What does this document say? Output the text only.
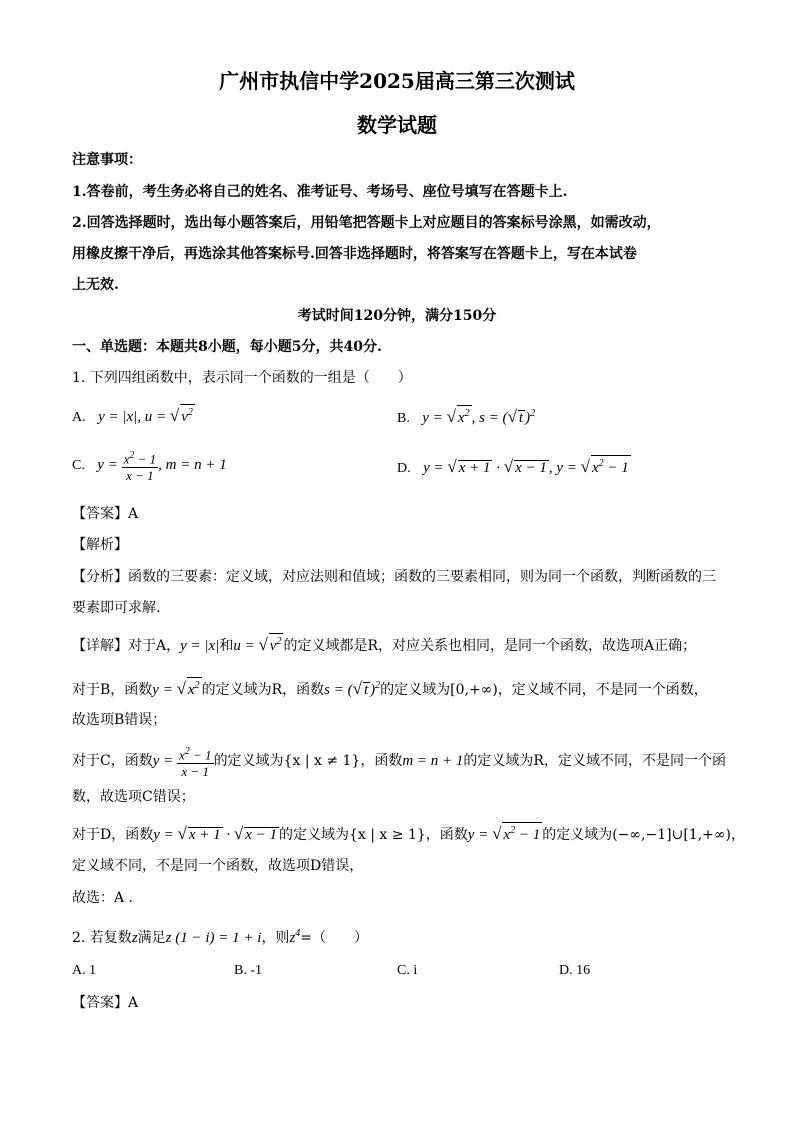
广州市执信中学2025届高三第三次测试
数学试题
注意事项：
1.答卷前，考生务必将自己的姓名、准考证号、考场号、座位号填写在答题卡上.
2.回答选择题时，选出每小题答案后，用铅笔把答题卡上对应题目的答案标号涂黑，如需改动，
用橡皮擦干净后，再选涂其他答案标号.回答非选择题时，将答案写在答题卡上，写在本试卷
上无效.
考试时间120分钟，满分150分
一、单选题：本题共8小题，每小题5分，共40分.
1. 下列四组函数中，表示同一个函数的一组是（　　）
A. y = |x|, u = √ $v^2$	B. y = √ $x^2$ , s = (√ t )$^2$
C. $y = \frac{x^2 - 1}{x - 1}$ , m = n + 1	D. y = √ x + 1 · √ x − 1 , y = √ $x^2 - 1$
【答案】A
【解析】
【分析】函数的三要素：定义域，对应法则和值域；函数的三要素相同，则为同一个函数，判断函数的三
要素即可求解.
【详解】对于A，y = |x|和u = √ $v^2$ 的定义域都是R，对应关系也相同，是同一个函数，故选项A正确；
对于B，函数y = √ $x^2$ 的定义域为R，函数s = (√ t )$^2$的定义域为[0,+∞)，定义域不同，不是同一个函数，
故选项B错误；
对于C，函数$y = \frac{x^2 - 1}{x - 1}$ 的定义域为{x | x ≠ 1}，函数m = n + 1的定义域为R，定义域不同，不是同一个函
数，故选项C错误；
对于D，函数y = √ x + 1 · √ x − 1 的定义域为{x | x ≥ 1}，函数y = √ $x^2 - 1$ 的定义域为(−∞,−1]∪[1,+∞)，
定义域不同，不是同一个函数，故选项D错误，
故选：A .
2. 若复数z满足z (1 − i) = 1 + i，则$z^4=$（　　）
A. 1	B. -1	C. i	D. 16
【答案】A
